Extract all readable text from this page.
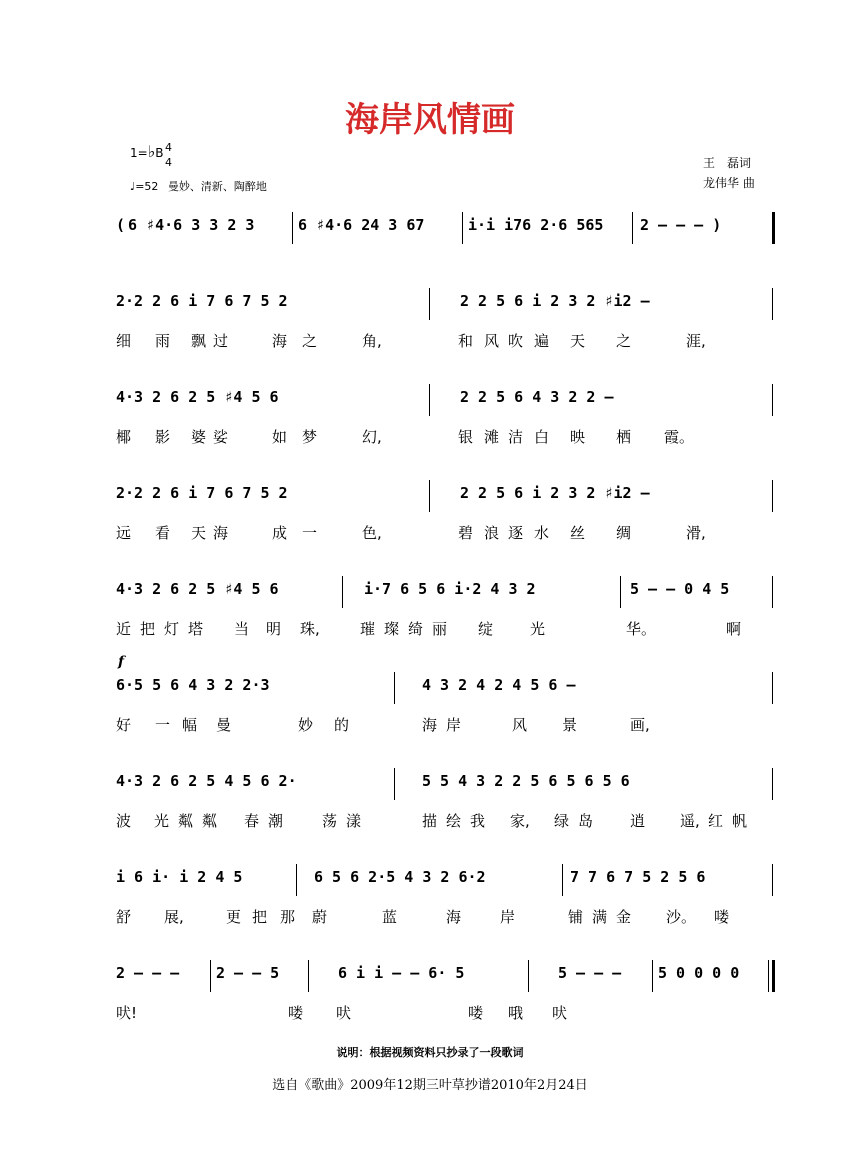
海岸风情画
1=♭B 4
4
♩=52 曼妙、清新、陶醉地
王　磊词
龙伟华 曲
( 6 ♯4·6 3 3 2 3	6 ♯4·6 24 3 67	i·i i76 2·6 565 2 – – – )
2·2 2 6 i 7 6 7 5 2	2 2 5 6 i 2 3 2 ♯i2 –
细 雨 飘 过	海 之	角,	和 风 吹 遍 天 之	涯,
4·3 2 6 2 5 ♯4 5 6	2 2 5 6 4 3 2 2 –
椰 影 婆 娑	如 梦	幻,	银 滩 洁 白 映 栖 霞。
2·2 2 6 i 7 6 7 5 2	2 2 5 6 i 2 3 2 ♯i2 –
远 看 天 海	成 一	色,	碧 浪 逐 水 丝 绸	滑,
4·3 2 6 2 5 ♯4 5 6	i·7 6 5 6 i·2 4 3 2	5 – – 0 4 5
近 把 灯 塔 当 明 珠,	璀 璨 绮 丽 绽 光	华。	啊
f
6·5 5 6 4 3 2 2·3	4 3 2 4 2 4 5 6 –
好 一 幅 曼	妙 的	海 岸	风 景	画,
4·3 2 6 2 5 4 5 6 2·	5 5 4 3 2 2 5 6 5 6 5 6
波 光 粼 粼 春 潮	荡 漾	描 绘 我 家, 绿 岛 逍 遥, 红 帆
i 6 i· i 2 4 5	6 5 6 2·5 4 3 2 6·2	7 7 6 7 5 2 5 6
舒 展,	更 把 那 蔚	蓝	海	岸	铺 满 金 沙。 喽
2 – – – 2 – – 5	6 i i – – 6· 5	5 – – – 5 0 0 0 0
吠!	喽 吠	喽 哦 吠
说明：根据视频资料只抄录了一段歌词
选自《歌曲》2009年12期三叶草抄谱2010年2月24日
